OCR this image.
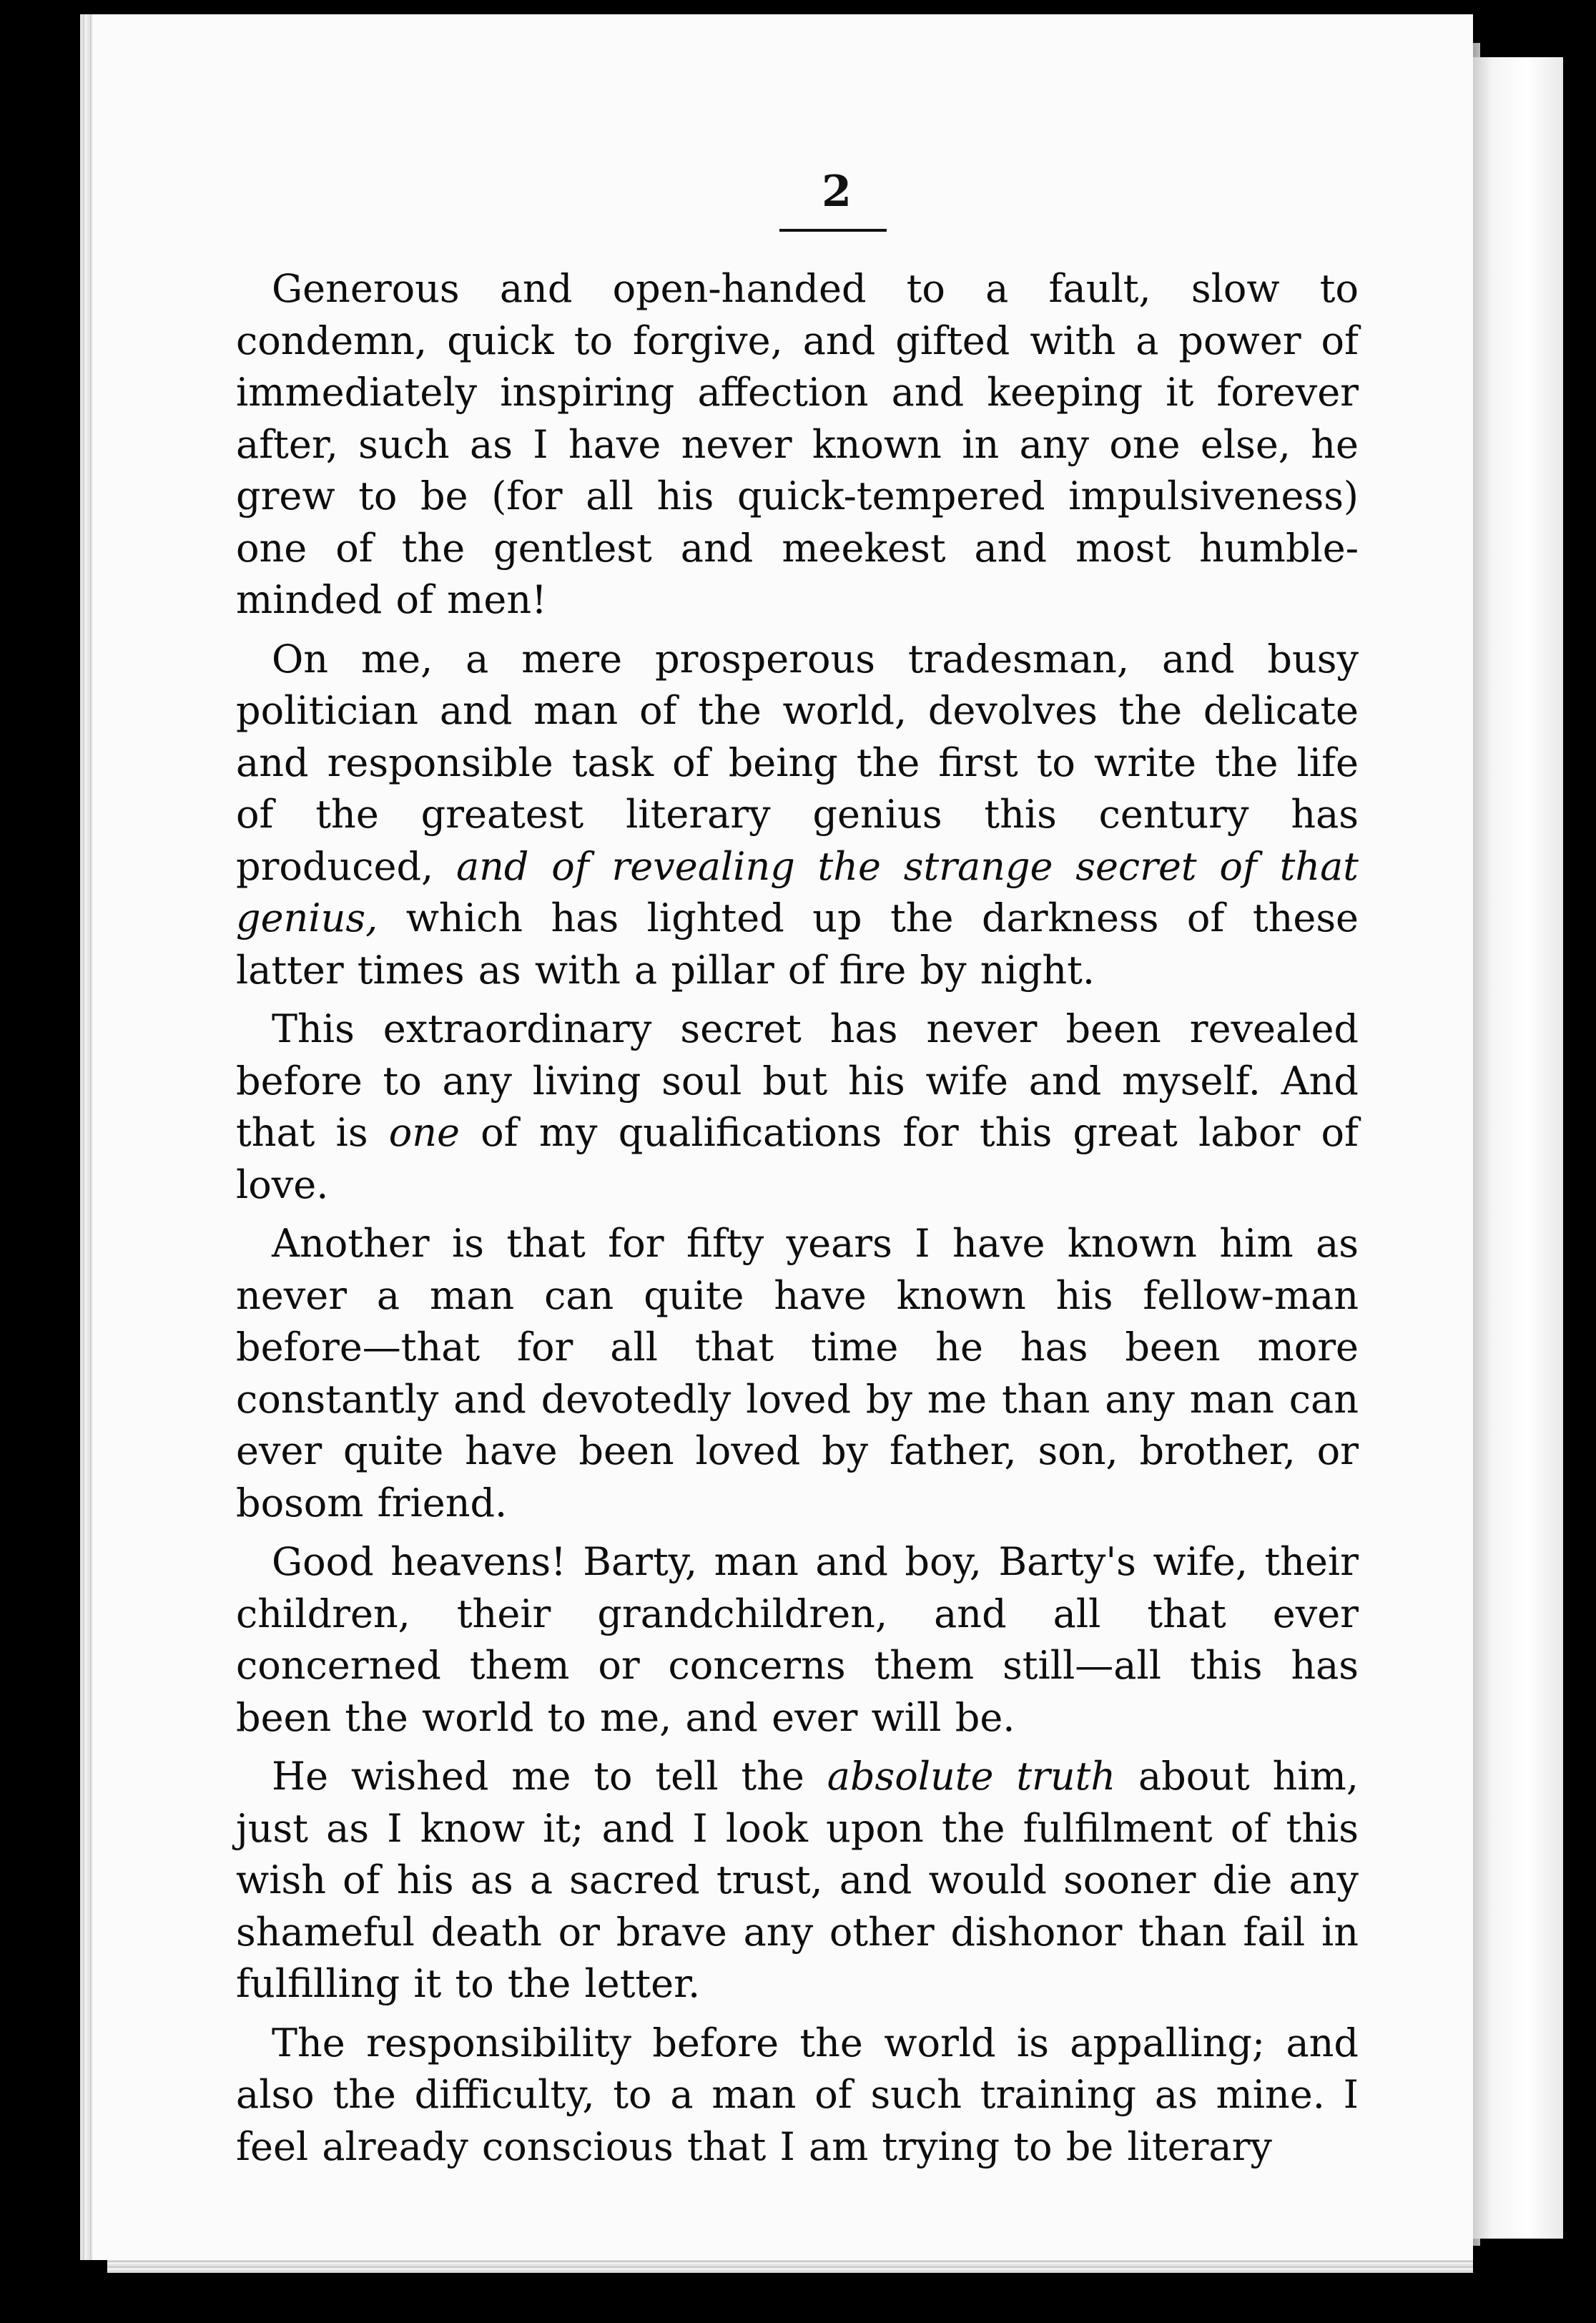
2

Generous and open-handed to a fault, slow to condemn, quick to forgive, and gifted with a power of immediately inspiring affection and keeping it forever after, such as I have never known in any one else, he grew to be (for all his quick-tempered impulsiveness) one of the gentlest and meekest and most humble-minded of men!

On me, a mere prosperous tradesman, and busy politician and man of the world, devolves the delicate and responsible task of being the first to write the life of the greatest literary genius this century has produced, and of revealing the strange secret of that genius, which has lighted up the darkness of these latter times as with a pillar of fire by night.

This extraordinary secret has never been revealed before to any living soul but his wife and myself. And that is one of my qualifications for this great labor of love.

Another is that for fifty years I have known him as never a man can quite have known his fellow-man before—that for all that time he has been more constantly and devotedly loved by me than any man can ever quite have been loved by father, son, brother, or bosom friend.

Good heavens! Barty, man and boy, Barty's wife, their children, their grandchildren, and all that ever concerned them or concerns them still—all this has been the world to me, and ever will be.

He wished me to tell the absolute truth about him, just as I know it; and I look upon the fulfilment of this wish of his as a sacred trust, and would sooner die any shameful death or brave any other dishonor than fail in fulfilling it to the letter.

The responsibility before the world is appalling; and also the difficulty, to a man of such training as mine. I feel already conscious that I am trying to be literary
